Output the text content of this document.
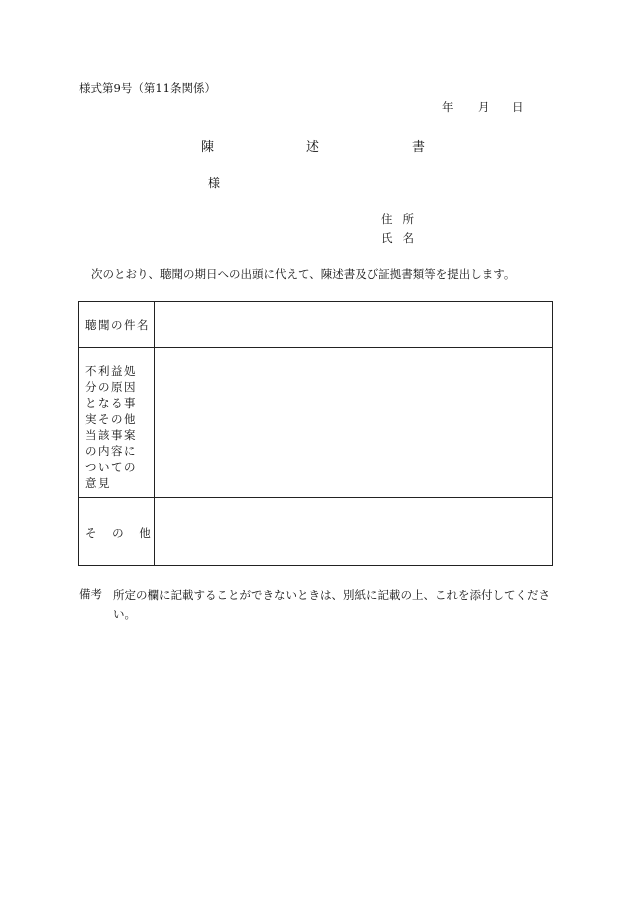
様式第9号（第11条関係）
年 月 日
陳	述	書
様
住所
氏名
次のとおり、聴聞の期日への出頭に代えて、陳述書及び証拠書類等を提出します。
聴聞の件名
不利益処分の原因となる事実その他当該事案の内容についての意見
そ の 他
備考 所定の欄に記載することができないときは、別紙に記載の上、これを添付してください。
